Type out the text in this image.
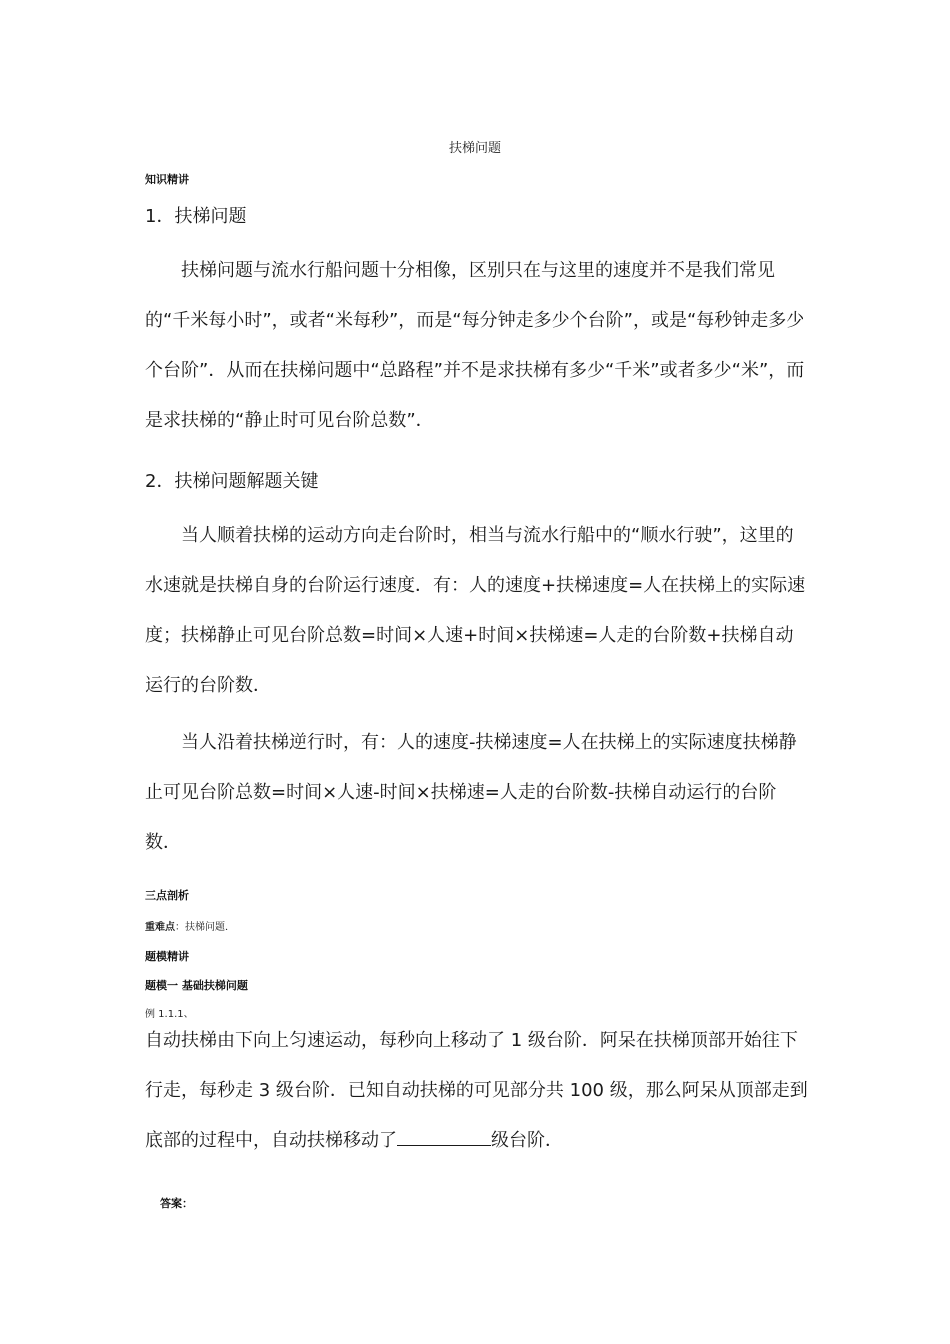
扶梯问题
知识精讲
1．扶梯问题

扶梯问题与流水行船问题十分相像，区别只在与这里的速度并不是我们常见的“千米每小时”，或者“米每秒”，而是“每分钟走多少个台阶”，或是“每秒钟走多少个台阶”．从而在扶梯问题中“总路程”并不是求扶梯有多少“千米”或者多少“米”，而是求扶梯的“静止时可见台阶总数”．

2．扶梯问题解题关键

当人顺着扶梯的运动方向走台阶时，相当与流水行船中的“顺水行驶”，这里的水速就是扶梯自身的台阶运行速度．有：人的速度+扶梯速度=人在扶梯上的实际速度；扶梯静止可见台阶总数=时间×人速+时间×扶梯速=人走的台阶数+扶梯自动运行的台阶数．

当人沿着扶梯逆行时，有：人的速度-扶梯速度=人在扶梯上的实际速度扶梯静止可见台阶总数=时间×人速-时间×扶梯速=人走的台阶数-扶梯自动运行的台阶数．

三点剖析
重难点：扶梯问题．
题模精讲
题模一 基础扶梯问题
例 1.1.1、

自动扶梯由下向上匀速运动，每秒向上移动了 1 级台阶．阿呆在扶梯顶部开始往下行走，每秒走 3 级台阶．已知自动扶梯的可见部分共 100 级，那么阿呆从顶部走到底部的过程中，自动扶梯移动了	级台阶．

答案：
